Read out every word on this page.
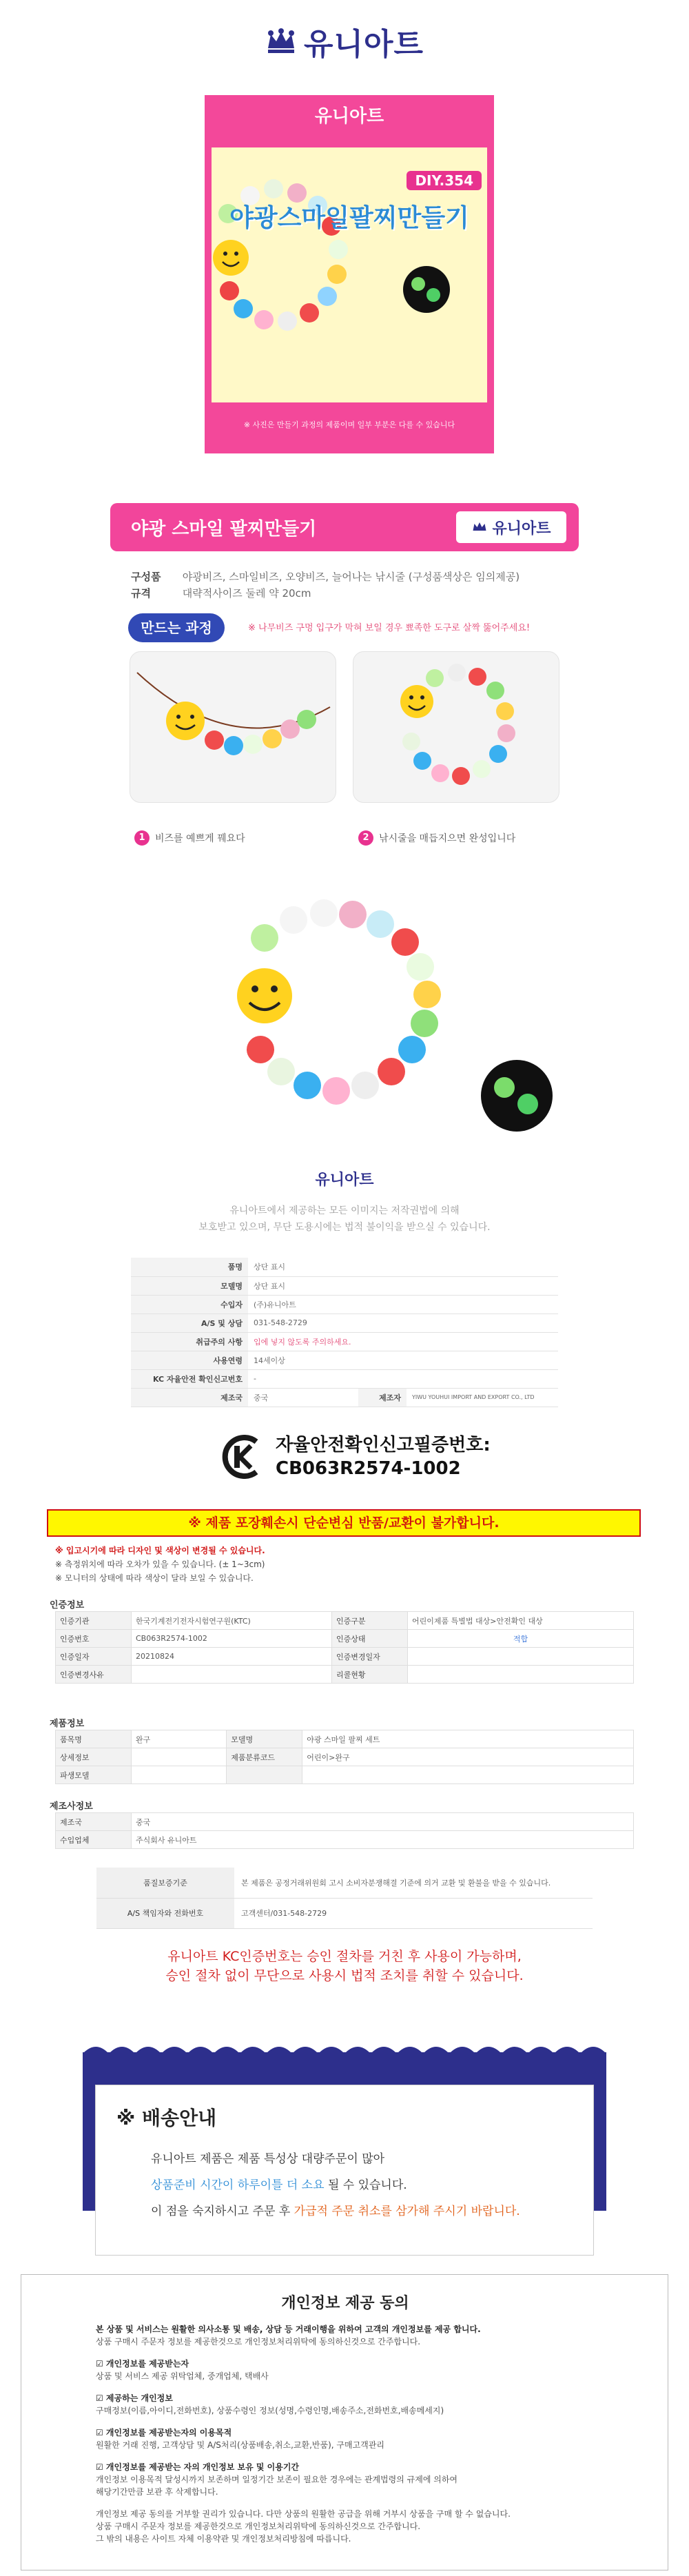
유니아트
유니아트
DIY.354
야광스마일팔찌만들기
※ 사진은 만들기 과정의 제품이며 일부 부분은 다를 수 있습니다
야광 스마일 팔찌만들기	유니아트
구성품 야광비즈, 스마일비즈, 오양비즈, 늘어나는 낚시줄 (구성품색상은 임의제공)
규격	대략적사이즈 둘레 약 20cm
만드는 과정	※ 나무비즈 구멍 입구가 막혀 보일 경우 뾰족한 도구로 살짝 뚫어주세요!
1	비즈를 예쁘게 꿰요다	2	낚시줄을 매듭지으면 완성입니다
유니아트
유니아트에서 제공하는 모든 이미지는 저작권법에 의해
보호받고 있으며, 무단 도용시에는 법적 불이익을 받으실 수 있습니다.
품명	상단 표시		
모델명	상단 표시		
수입자	(주)유니아트		
A/S 및 상담	031-548-2729		
취급주의 사항	입에 넣지 않도록 주의하세요.		
사용연령	14세이상		
KC 자율안전 확인신고번호	-		
제조국	중국	제조자	YIWU YOUHUI IMPORT AND EXPORT CO., LTD
자율안전확인신고필증번호:
CB063R2574-1002
※ 제품 포장훼손시 단순변심 반품/교환이 불가합니다.
※ 입고시기에 따라 디자인 및 색상이 변경될 수 있습니다.
※ 측정위치에 따라 오차가 있을 수 있습니다. (± 1~3cm)
※ 모니터의 상태에 따라 색상이 달라 보일 수 있습니다.
인증정보
인증기관	한국기계전기전자시험연구원(KTC)	인증구분	어린이제품 특별법 대상>안전확인 대상
인증번호	CB063R2574-1002	인증상태	적합
인증일자	20210824	인증변경일자	
인증변경사유		리콜현황	
제품정보
품목명	완구	모델명	야광 스마일 팔찌 세트
상세정보		제품분류코드	어린이>완구
파생모델			
제조사정보
제조국	중국
수입업체	주식회사 유니아트
품질보증기준	본 제품은 공정거래위원회 고시 소비자분쟁해결 기준에 의거 교환 및 환불을 받을 수 있습니다.
A/S 책임자와 전화번호	고객센터/031-548-2729
유니아트 KC인증번호는 승인 절차를 거친 후 사용이 가능하며,
승인 절차 없이 무단으로 사용시 법적 조치를 취할 수 있습니다.
※ 배송안내
유니아트 제품은 제품 특성상 대량주문이 많아
상품준비 시간이 하루이틀 더 소요 될 수 있습니다.
이 점을 숙지하시고 주문 후 가급적 주문 취소를 삼가해 주시기 바랍니다.
개인정보 제공 동의
본 상품 및 서비스는 원활한 의사소통 및 배송, 상담 등 거래이행을 위하여 고객의 개인정보를 제공 합니다.
상품 구매시 주문자 정보를 제공한것으로 개인정보처리위탁에 동의하신것으로 간주합니다.
☑ 개인정보를 제공받는자
상품 및 서비스 제공 위탁업체, 중개업체, 택배사
☑ 제공하는 개인정보
구매정보(이름,아이디,전화번호), 상품수령인 정보(성명,수령인명,배송주소,전화번호,배송메세지)
☑ 개인정보를 제공받는자의 이용목적
원활한 거래 진행, 고객상담 및 A/S처리(상품배송,취소,교환,반품), 구매고객관리
☑ 개인정보를 제공받는 자의 개인정보 보유 및 이용기간
개인정보 이용목적 달성시까지 보존하며 일정기간 보존이 필요한 경우에는 관계법령의 규제에 의하여
해당기간만큼 보관 후 삭제합니다.
개인정보 제공 동의를 거부할 권리가 있습니다. 다만 상품의 원활한 공급을 위해 거부시 상품을 구매 할 수 없습니다.
상품 구매시 주문자 정보를 제공한것으로 개인정보처리위탁에 동의하신것으로 간주합니다.
그 밖의 내용은 사이트 자체 이용약관 및 개인정보처리방침에 따릅니다.
